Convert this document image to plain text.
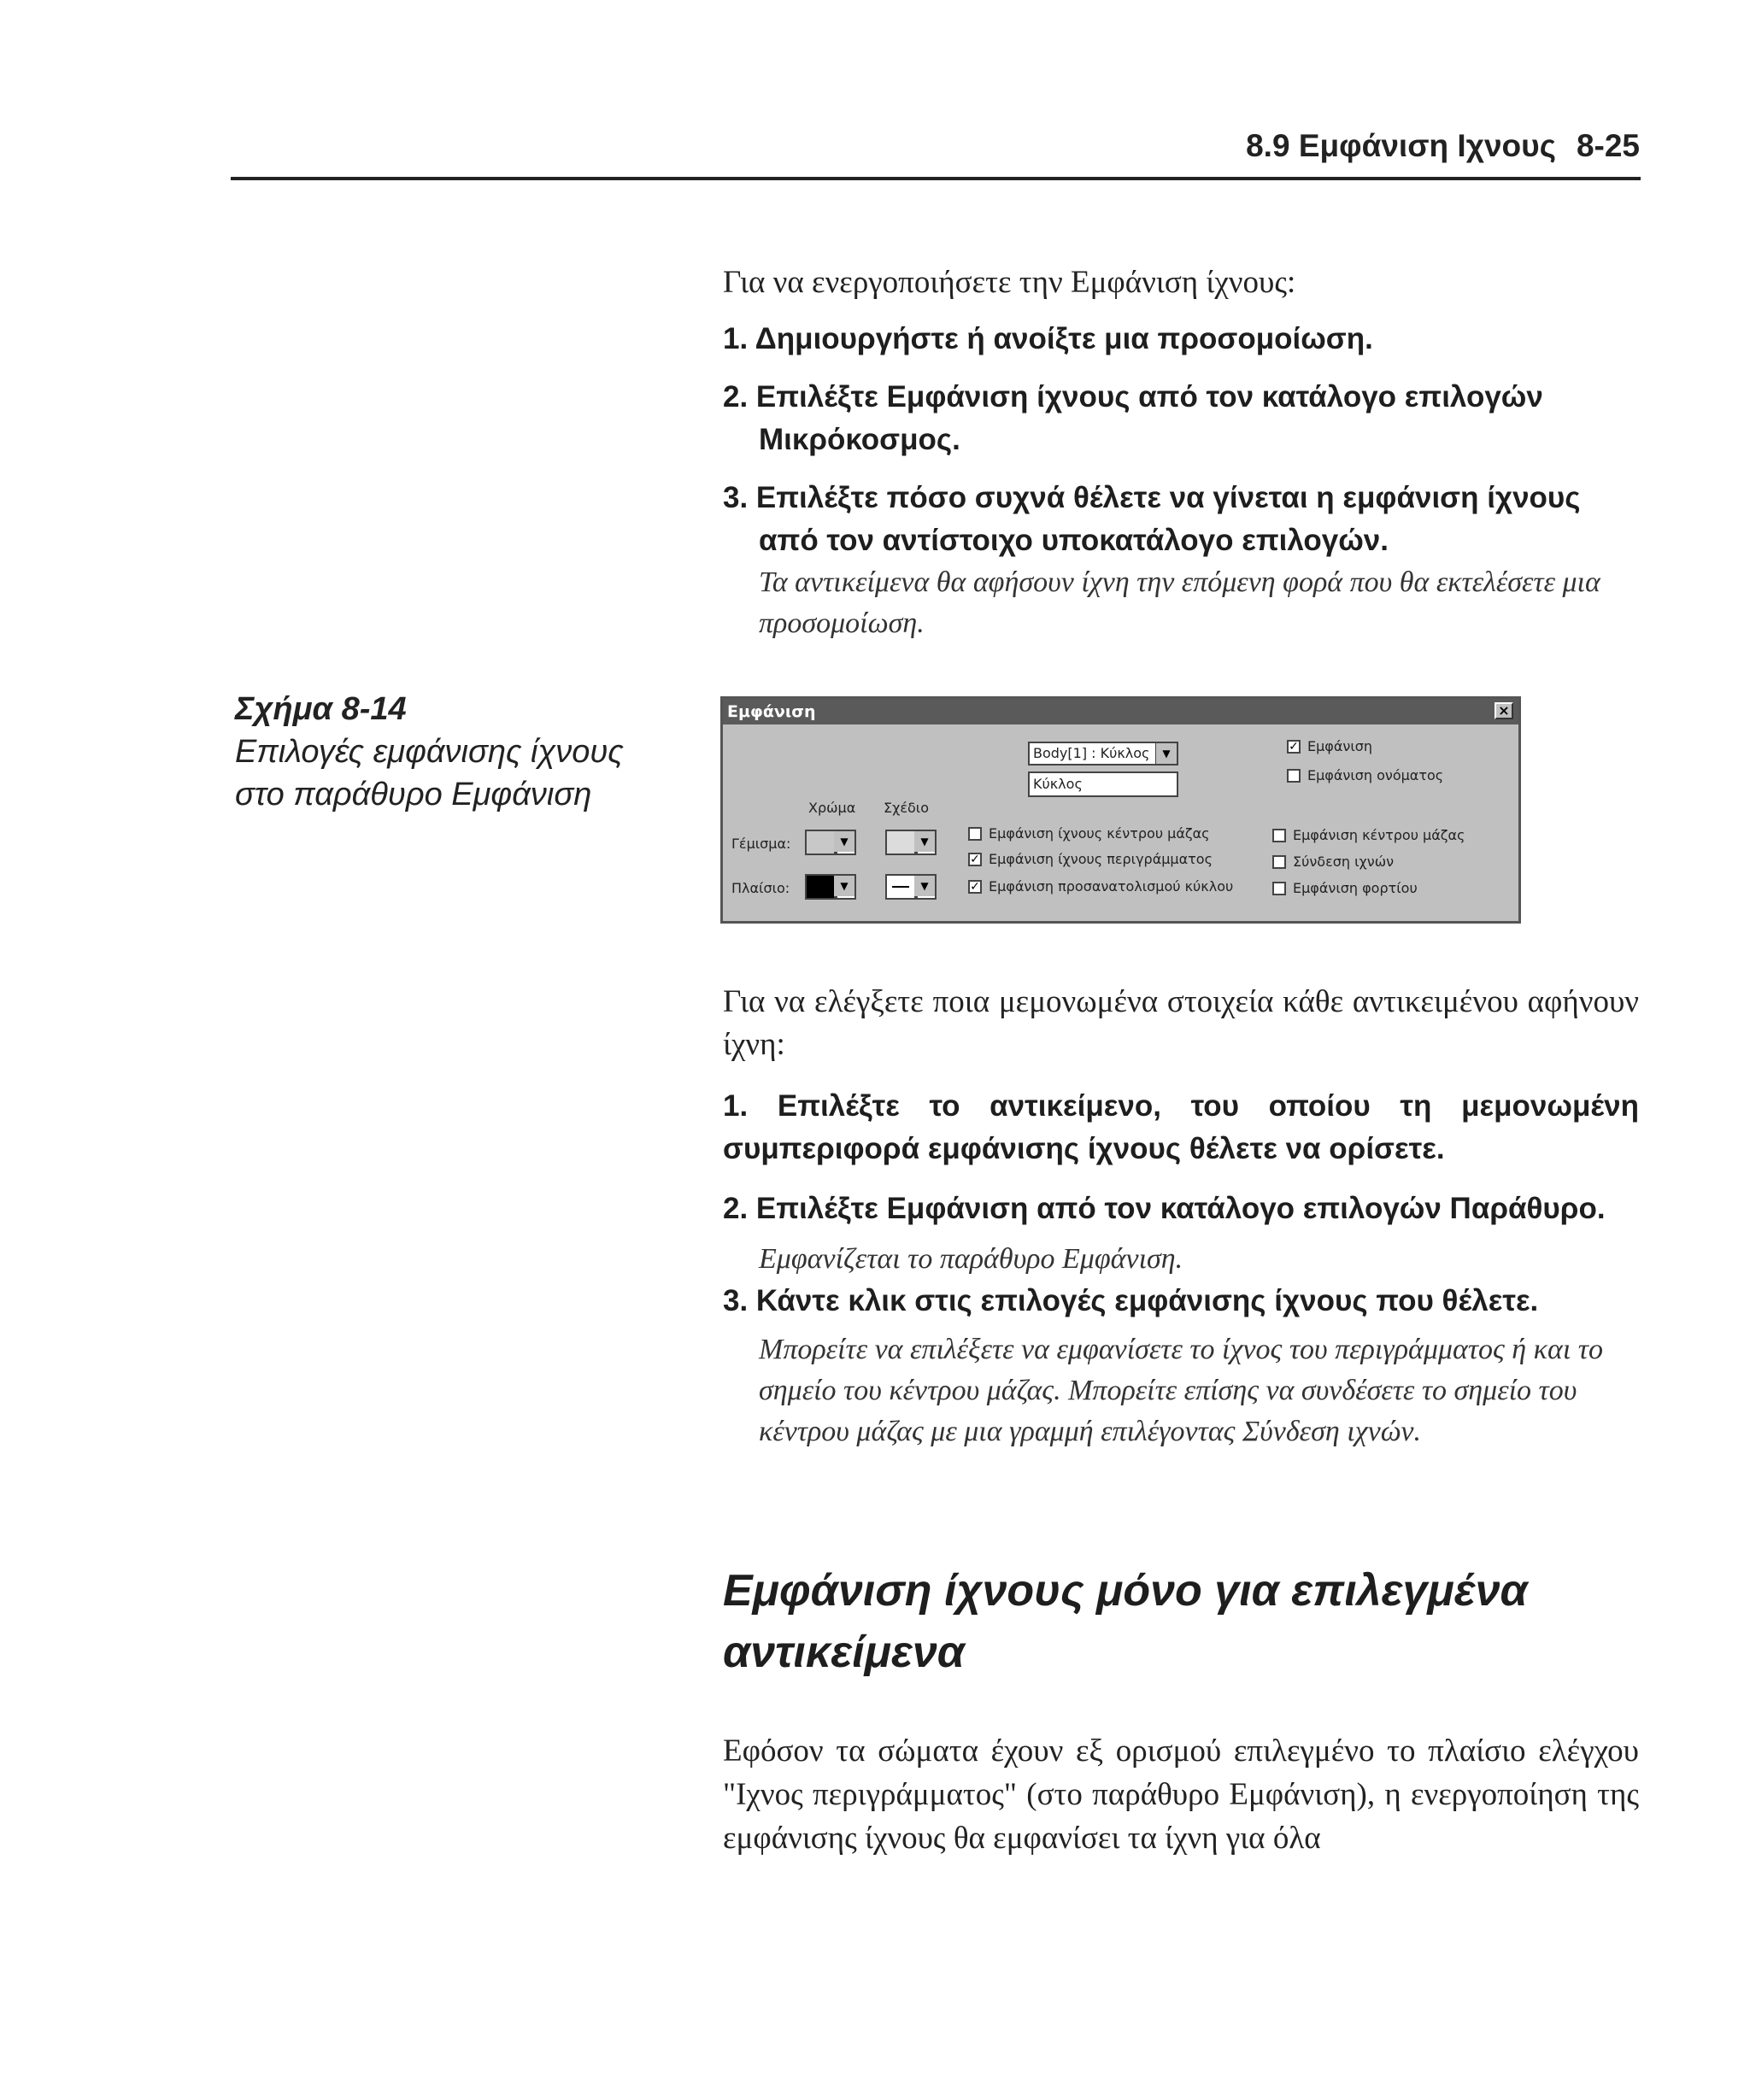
8.9 Εμφάνιση Ιχνους 8-25

Για να ενεργοποιήσετε την Εμφάνιση ίχνους:

1. Δημιουργήστε ή ανοίξτε μια προσομοίωση.

2. Επιλέξτε Εμφάνιση ίχνους από τον κατάλογο επιλογών Μικρόκοσμος.

3. Επιλέξτε πόσο συχνά θέλετε να γίνεται η εμφάνιση ίχνους από τον αντίστοιχο υποκατάλογο επιλογών.

Τα αντικείμενα θα αφήσουν ίχνη την επόμενη φορά που θα εκτελέσετε μια προσομοίωση.

Σχήμα 8-14
Επιλογές εμφάνισης ίχνους
στο παράθυρο Εμφάνιση
Εμφάνιση	×
Body[1] : Κύκλος	▼
Κύκλος
Χρώμα Σχέδιο
Γέμισμα:	▼	▼
Πλαίσιο:	▼	▼
Εμφάνιση ίχνους κέντρου μάζας
✓ Εμφάνιση ίχνους περιγράμματος
✓ Εμφάνιση προσανατολισμού κύκλου
✓ Εμφάνιση
Εμφάνιση ονόματος
Εμφάνιση κέντρου μάζας
Σύνδεση ιχνών
Εμφάνιση φορτίου

Για να ελέγξετε ποια μεμονωμένα στοιχεία κάθε αντικειμένου αφήνουν ίχνη:

1. Επιλέξτε το αντικείμενο, του οποίου τη μεμονωμένη συμπεριφορά εμφάνισης ίχνους θέλετε να ορίσετε.

2. Επιλέξτε Εμφάνιση από τον κατάλογο επιλογών Παράθυρο.

Εμφανίζεται το παράθυρο Εμφάνιση.

3. Κάντε κλικ στις επιλογές εμφάνισης ίχνους που θέλετε.

Μπορείτε να επιλέξετε να εμφανίσετε το ίχνος του περιγράμματος ή και το σημείο του κέντρου μάζας. Μπορείτε επίσης να συνδέσετε το σημείο του κέντρου μάζας με μια γραμμή επιλέγοντας Σύνδεση ιχνών.

Εμφάνιση ίχνους μόνο για επιλεγμένα
αντικείμενα

Εφόσον τα σώματα έχουν εξ ορισμού επιλεγμένο το πλαίσιο ελέγχου "Ιχνος περιγράμματος" (στο παράθυρο Εμφάνιση), η ενεργοποίηση της εμφάνισης ίχνους θα εμφανίσει τα ίχνη για όλα
